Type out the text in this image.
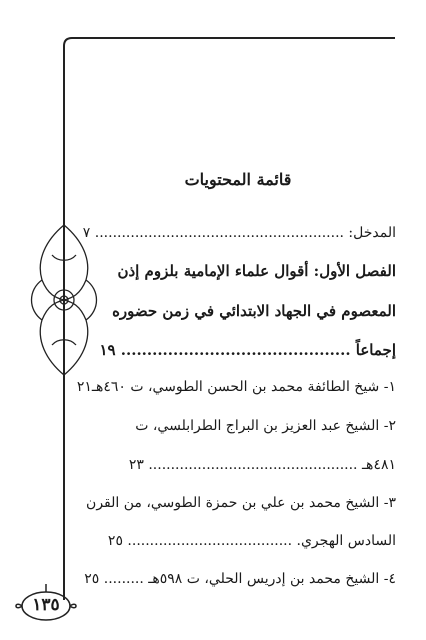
١٣٥
قائمة المحتويات
المدخل: ........................................................ ٧
الفصل الأول: أقوال علماء الإمامية بلزوم إذن
المعصوم في الجهاد الابتدائي في زمن حضوره
إجماعاً ............................................ ١٩
١- شيخ الطائفة محمد بن الحسن الطوسي، ت ٤٦٠هـ٢١
٢- الشيخ عبد العزيز بن البراج الطرابلسي، ت
٤٨١هـ ............................................... ٢٣
٣- الشيخ محمد بن علي بن حمزة الطوسي، من القرن
السادس الهجري. ..................................... ٢٥
٤- الشيخ محمد بن إدريس الحلي، ت ٥٩٨هـ ......... ٢٥
